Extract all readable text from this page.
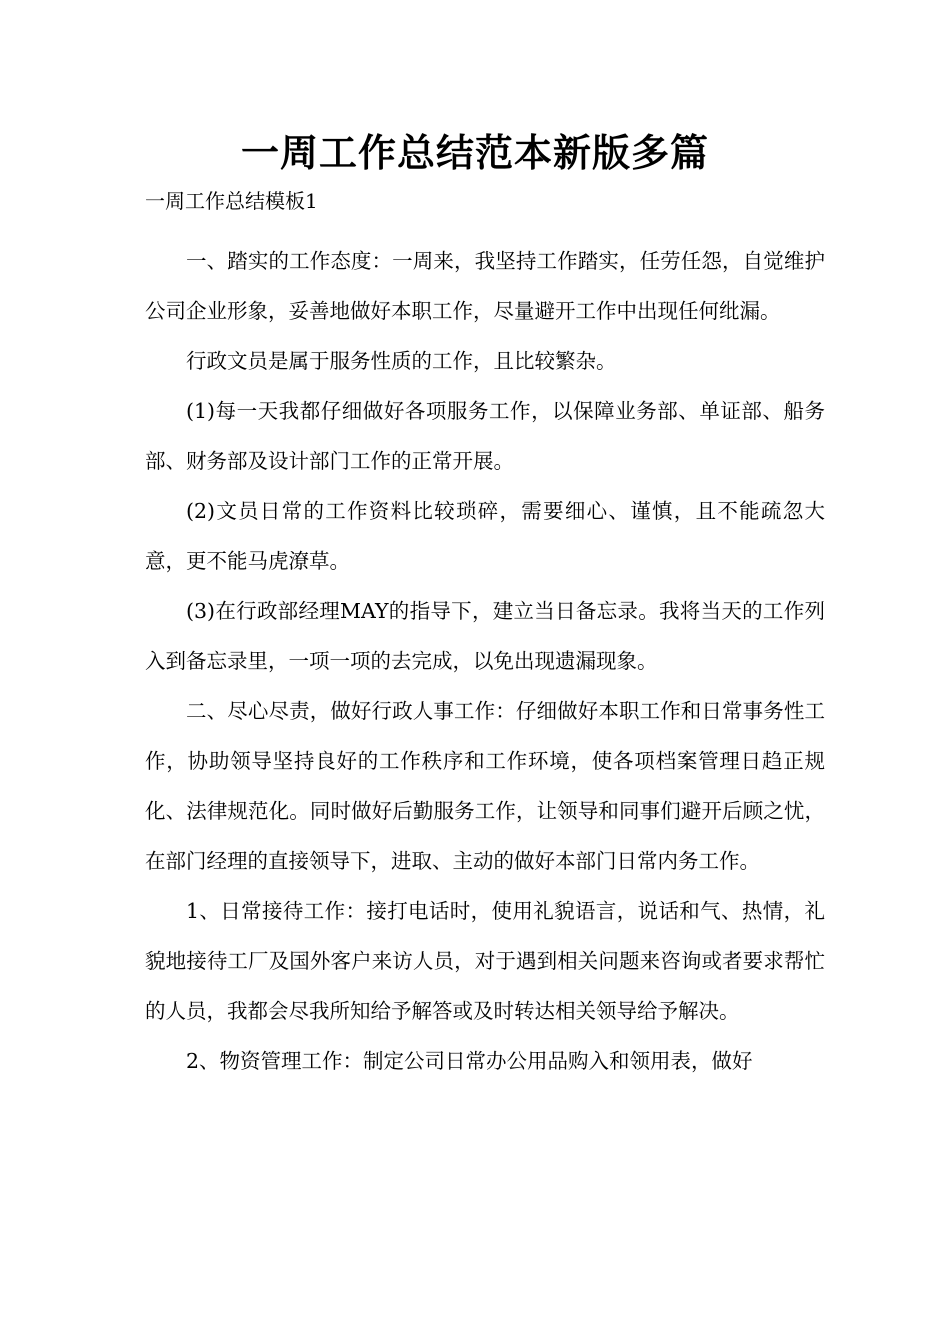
一周工作总结范本新版多篇
一周工作总结模板1

一、踏实的工作态度：一周来，我坚持工作踏实，任劳任怨，自觉维护公司企业形象，妥善地做好本职工作，尽量避开工作中出现任何纰漏。

行政文员是属于服务性质的工作，且比较繁杂。

(1)每一天我都仔细做好各项服务工作，以保障业务部、单证部、船务部、财务部及设计部门工作的正常开展。

(2)文员日常的工作资料比较琐碎，需要细心、谨慎，且不能疏忽大意，更不能马虎潦草。

(3)在行政部经理MAY的指导下，建立当日备忘录。我将当天的工作列入到备忘录里，一项一项的去完成，以免出现遗漏现象。

二、尽心尽责，做好行政人事工作：仔细做好本职工作和日常事务性工作，协助领导坚持良好的工作秩序和工作环境，使各项档案管理日趋正规化、法律规范化。同时做好后勤服务工作，让领导和同事们避开后顾之忧，在部门经理的直接领导下，进取、主动的做好本部门日常内务工作。

1、日常接待工作：接打电话时，使用礼貌语言，说话和气、热情，礼貌地接待工厂及国外客户来访人员，对于遇到相关问题来咨询或者要求帮忙的人员，我都会尽我所知给予解答或及时转达相关领导给予解决。

2、物资管理工作：制定公司日常办公用品购入和领用表，做好
